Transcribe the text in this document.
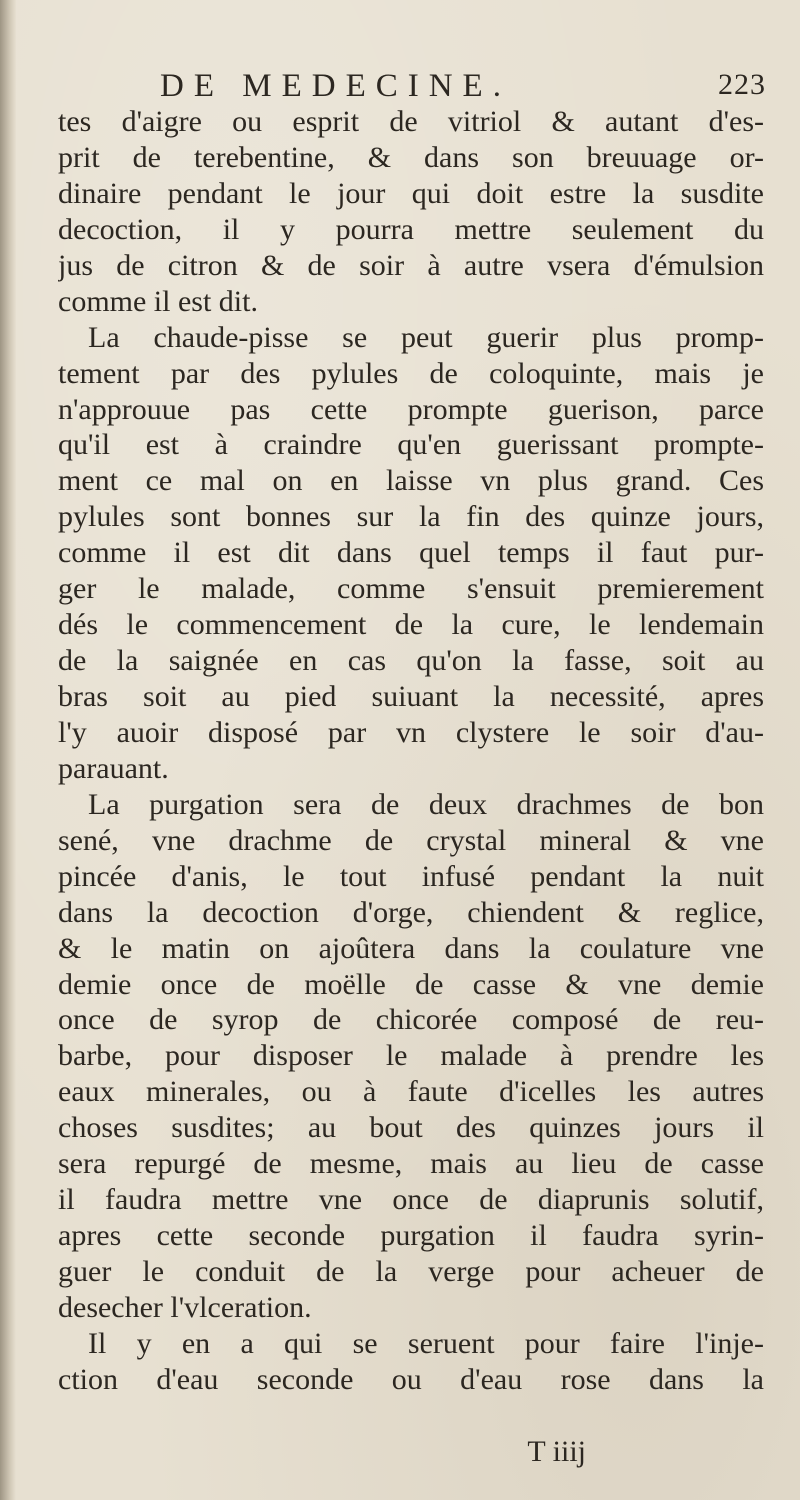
DE MEDECINE.	223
tes d'aigre ou esprit de vitriol & autant d'es-
prit de terebentine, & dans son breuuage or-
dinaire pendant le jour qui doit estre la susdite
decoction, il y pourra mettre seulement du
jus de citron & de soir à autre vsera d'émulsion
comme il est dit.
La chaude-pisse se peut guerir plus promp-
tement par des pylules de coloquinte, mais je
n'approuue pas cette prompte guerison, parce
qu'il est à craindre qu'en guerissant prompte-
ment ce mal on en laisse vn plus grand. Ces
pylules sont bonnes sur la fin des quinze jours,
comme il est dit dans quel temps il faut pur-
ger le malade, comme s'ensuit premierement
dés le commencement de la cure, le lendemain
de la saignée en cas qu'on la fasse, soit au
bras soit au pied suiuant la necessité, apres
l'y auoir disposé par vn clystere le soir d'au-
parauant.
La purgation sera de deux drachmes de bon
sené, vne drachme de crystal mineral & vne
pincée d'anis, le tout infusé pendant la nuit
dans la decoction d'orge, chiendent & reglice,
& le matin on ajoûtera dans la coulature vne
demie once de moëlle de casse & vne demie
once de syrop de chicorée composé de reu-
barbe, pour disposer le malade à prendre les
eaux minerales, ou à faute d'icelles les autres
choses susdites; au bout des quinzes jours il
sera repurgé de mesme, mais au lieu de casse
il faudra mettre vne once de diaprunis solutif,
apres cette seconde purgation il faudra syrin-
guer le conduit de la verge pour acheuer de
desecher l'vlceration.
Il y en a qui se seruent pour faire l'inje-
ction d'eau seconde ou d'eau rose dans la
T iiij
